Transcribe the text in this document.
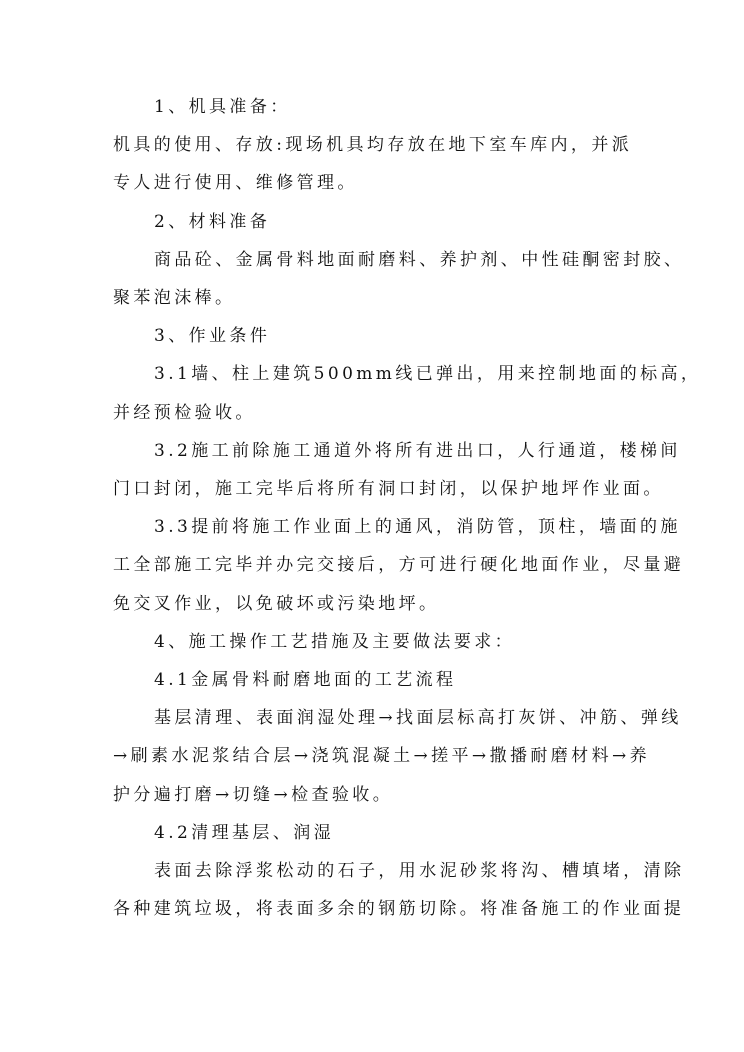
1、机具准备：

机具的使用、存放:现场机具均存放在地下室车库内，并派

专人进行使用、维修管理。

2、材料准备

商品砼、金属骨料地面耐磨料、养护剂、中性硅酮密封胶、

聚苯泡沫棒。

3、作业条件

3.1墙、柱上建筑500mm线已弹出，用来控制地面的标高，

并经预检验收。

3.2施工前除施工通道外将所有进出口，人行通道，楼梯间

门口封闭，施工完毕后将所有洞口封闭，以保护地坪作业面。

3.3提前将施工作业面上的通风，消防管，顶柱，墙面的施

工全部施工完毕并办完交接后，方可进行硬化地面作业，尽量避

免交叉作业，以免破坏或污染地坪。

4、施工操作工艺措施及主要做法要求：

4.1金属骨料耐磨地面的工艺流程

基层清理、表面润湿处理→找面层标高打灰饼、冲筋、弹线

→刷素水泥浆结合层→浇筑混凝土→搓平→撒播耐磨材料→养

护分遍打磨→切缝→检查验收。

4.2清理基层、润湿

表面去除浮浆松动的石子，用水泥砂浆将沟、槽填堵，清除

各种建筑垃圾，将表面多余的钢筋切除。将准备施工的作业面提
